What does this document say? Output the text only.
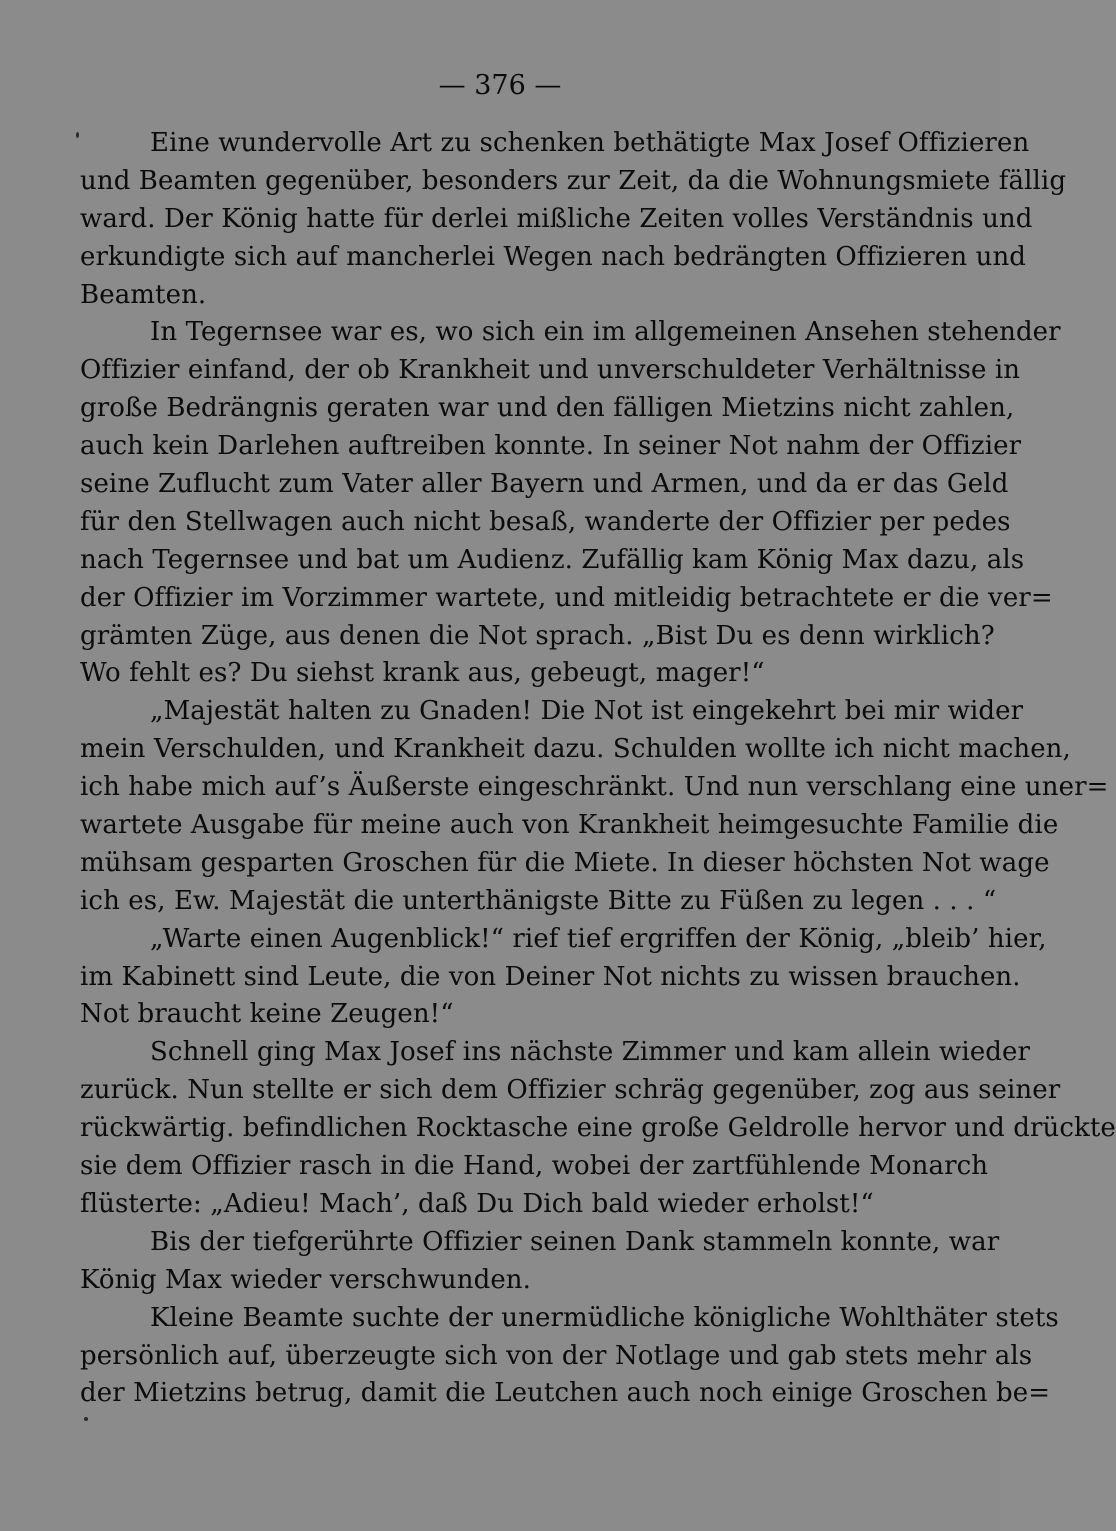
— 376 —
Eine wundervolle Art zu schenken bethätigte Max Josef Offizieren
und Beamten gegenüber, besonders zur Zeit, da die Wohnungsmiete fällig
ward. Der König hatte für derlei mißliche Zeiten volles Verständnis und
erkundigte sich auf mancherlei Wegen nach bedrängten Offizieren und
Beamten.
In Tegernsee war es, wo sich ein im allgemeinen Ansehen stehender
Offizier einfand, der ob Krankheit und unverschuldeter Verhältnisse in
große Bedrängnis geraten war und den fälligen Mietzins nicht zahlen,
auch kein Darlehen auftreiben konnte. In seiner Not nahm der Offizier
seine Zuflucht zum Vater aller Bayern und Armen, und da er das Geld
für den Stellwagen auch nicht besaß, wanderte der Offizier per pedes
nach Tegernsee und bat um Audienz. Zufällig kam König Max dazu, als
der Offizier im Vorzimmer wartete, und mitleidig betrachtete er die ver=
grämten Züge, aus denen die Not sprach. „Bist Du es denn wirklich?
Wo fehlt es? Du siehst krank aus, gebeugt, mager!“
„Majestät halten zu Gnaden! Die Not ist eingekehrt bei mir wider
mein Verschulden, und Krankheit dazu. Schulden wollte ich nicht machen,
ich habe mich auf’s Äußerste eingeschränkt. Und nun verschlang eine uner=
wartete Ausgabe für meine auch von Krankheit heimgesuchte Familie die
mühsam gesparten Groschen für die Miete. In dieser höchsten Not wage
ich es, Ew. Majestät die unterthänigste Bitte zu Füßen zu legen . . . “
„Warte einen Augenblick!“ rief tief ergriffen der König, „bleib’ hier,
im Kabinett sind Leute, die von Deiner Not nichts zu wissen brauchen.
Not braucht keine Zeugen!“
Schnell ging Max Josef ins nächste Zimmer und kam allein wieder
zurück. Nun stellte er sich dem Offizier schräg gegenüber, zog aus seiner
rückwärtig. befindlichen Rocktasche eine große Geldrolle hervor und drückte
sie dem Offizier rasch in die Hand, wobei der zartfühlende Monarch
flüsterte: „Adieu! Mach’, daß Du Dich bald wieder erholst!“
Bis der tiefgerührte Offizier seinen Dank stammeln konnte, war
König Max wieder verschwunden.
Kleine Beamte suchte der unermüdliche königliche Wohlthäter stets
persönlich auf, überzeugte sich von der Notlage und gab stets mehr als
der Mietzins betrug, damit die Leutchen auch noch einige Groschen be=
